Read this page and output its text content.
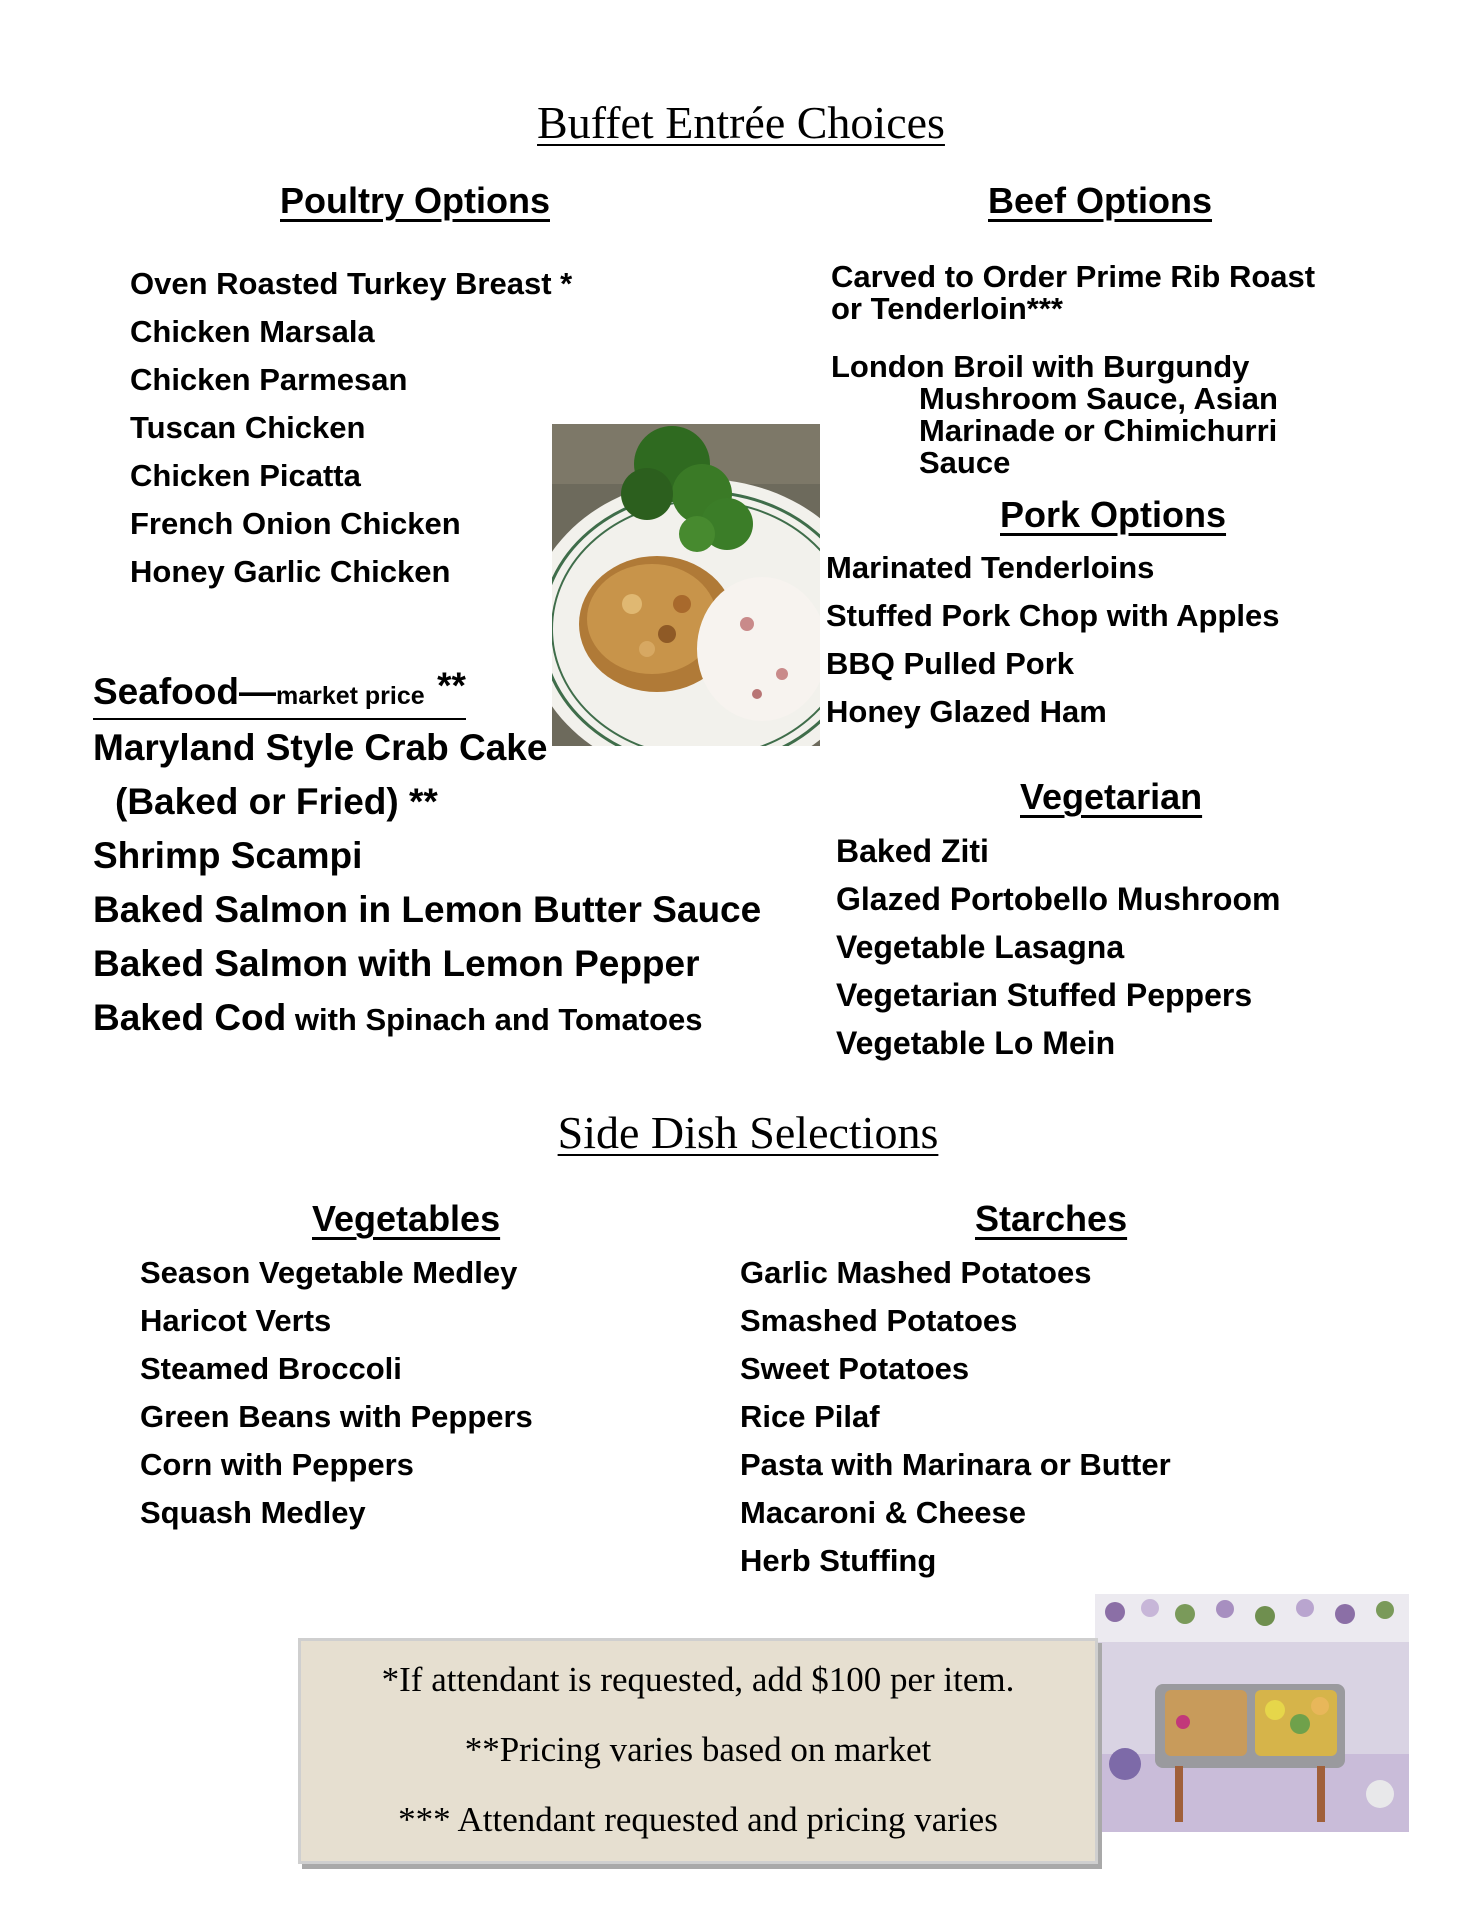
Buffet Entrée Choices
Poultry Options
Oven Roasted Turkey Breast *
Chicken Marsala
Chicken Parmesan
Tuscan Chicken
Chicken Picatta
French Onion Chicken
Honey Garlic Chicken
Seafood—market price **
Maryland Style Crab Cake
(Baked or Fried) **
Shrimp Scampi
Baked Salmon in Lemon Butter Sauce
Baked Salmon with Lemon Pepper
Baked Cod with Spinach and Tomatoes
Beef Options
Carved to Order Prime Rib Roast
or Tenderloin***
London Broil with Burgundy
Mushroom Sauce, Asian
Marinade or Chimichurri
Sauce
Pork Options
Marinated Tenderloins
Stuffed Pork Chop with Apples
BBQ Pulled Pork
Honey Glazed Ham
Vegetarian
Baked Ziti
Glazed Portobello Mushroom
Vegetable Lasagna
Vegetarian Stuffed Peppers
Vegetable Lo Mein
Side Dish Selections
Vegetables
Season Vegetable Medley
Haricot Verts
Steamed Broccoli
Green Beans with Peppers
Corn with Peppers
Squash Medley
Starches
Garlic Mashed Potatoes
Smashed Potatoes
Sweet Potatoes
Rice Pilaf
Pasta with Marinara or Butter
Macaroni & Cheese
Herb Stuffing
*If attendant is requested, add $100 per item.
**Pricing varies based on market
*** Attendant requested and pricing varies
